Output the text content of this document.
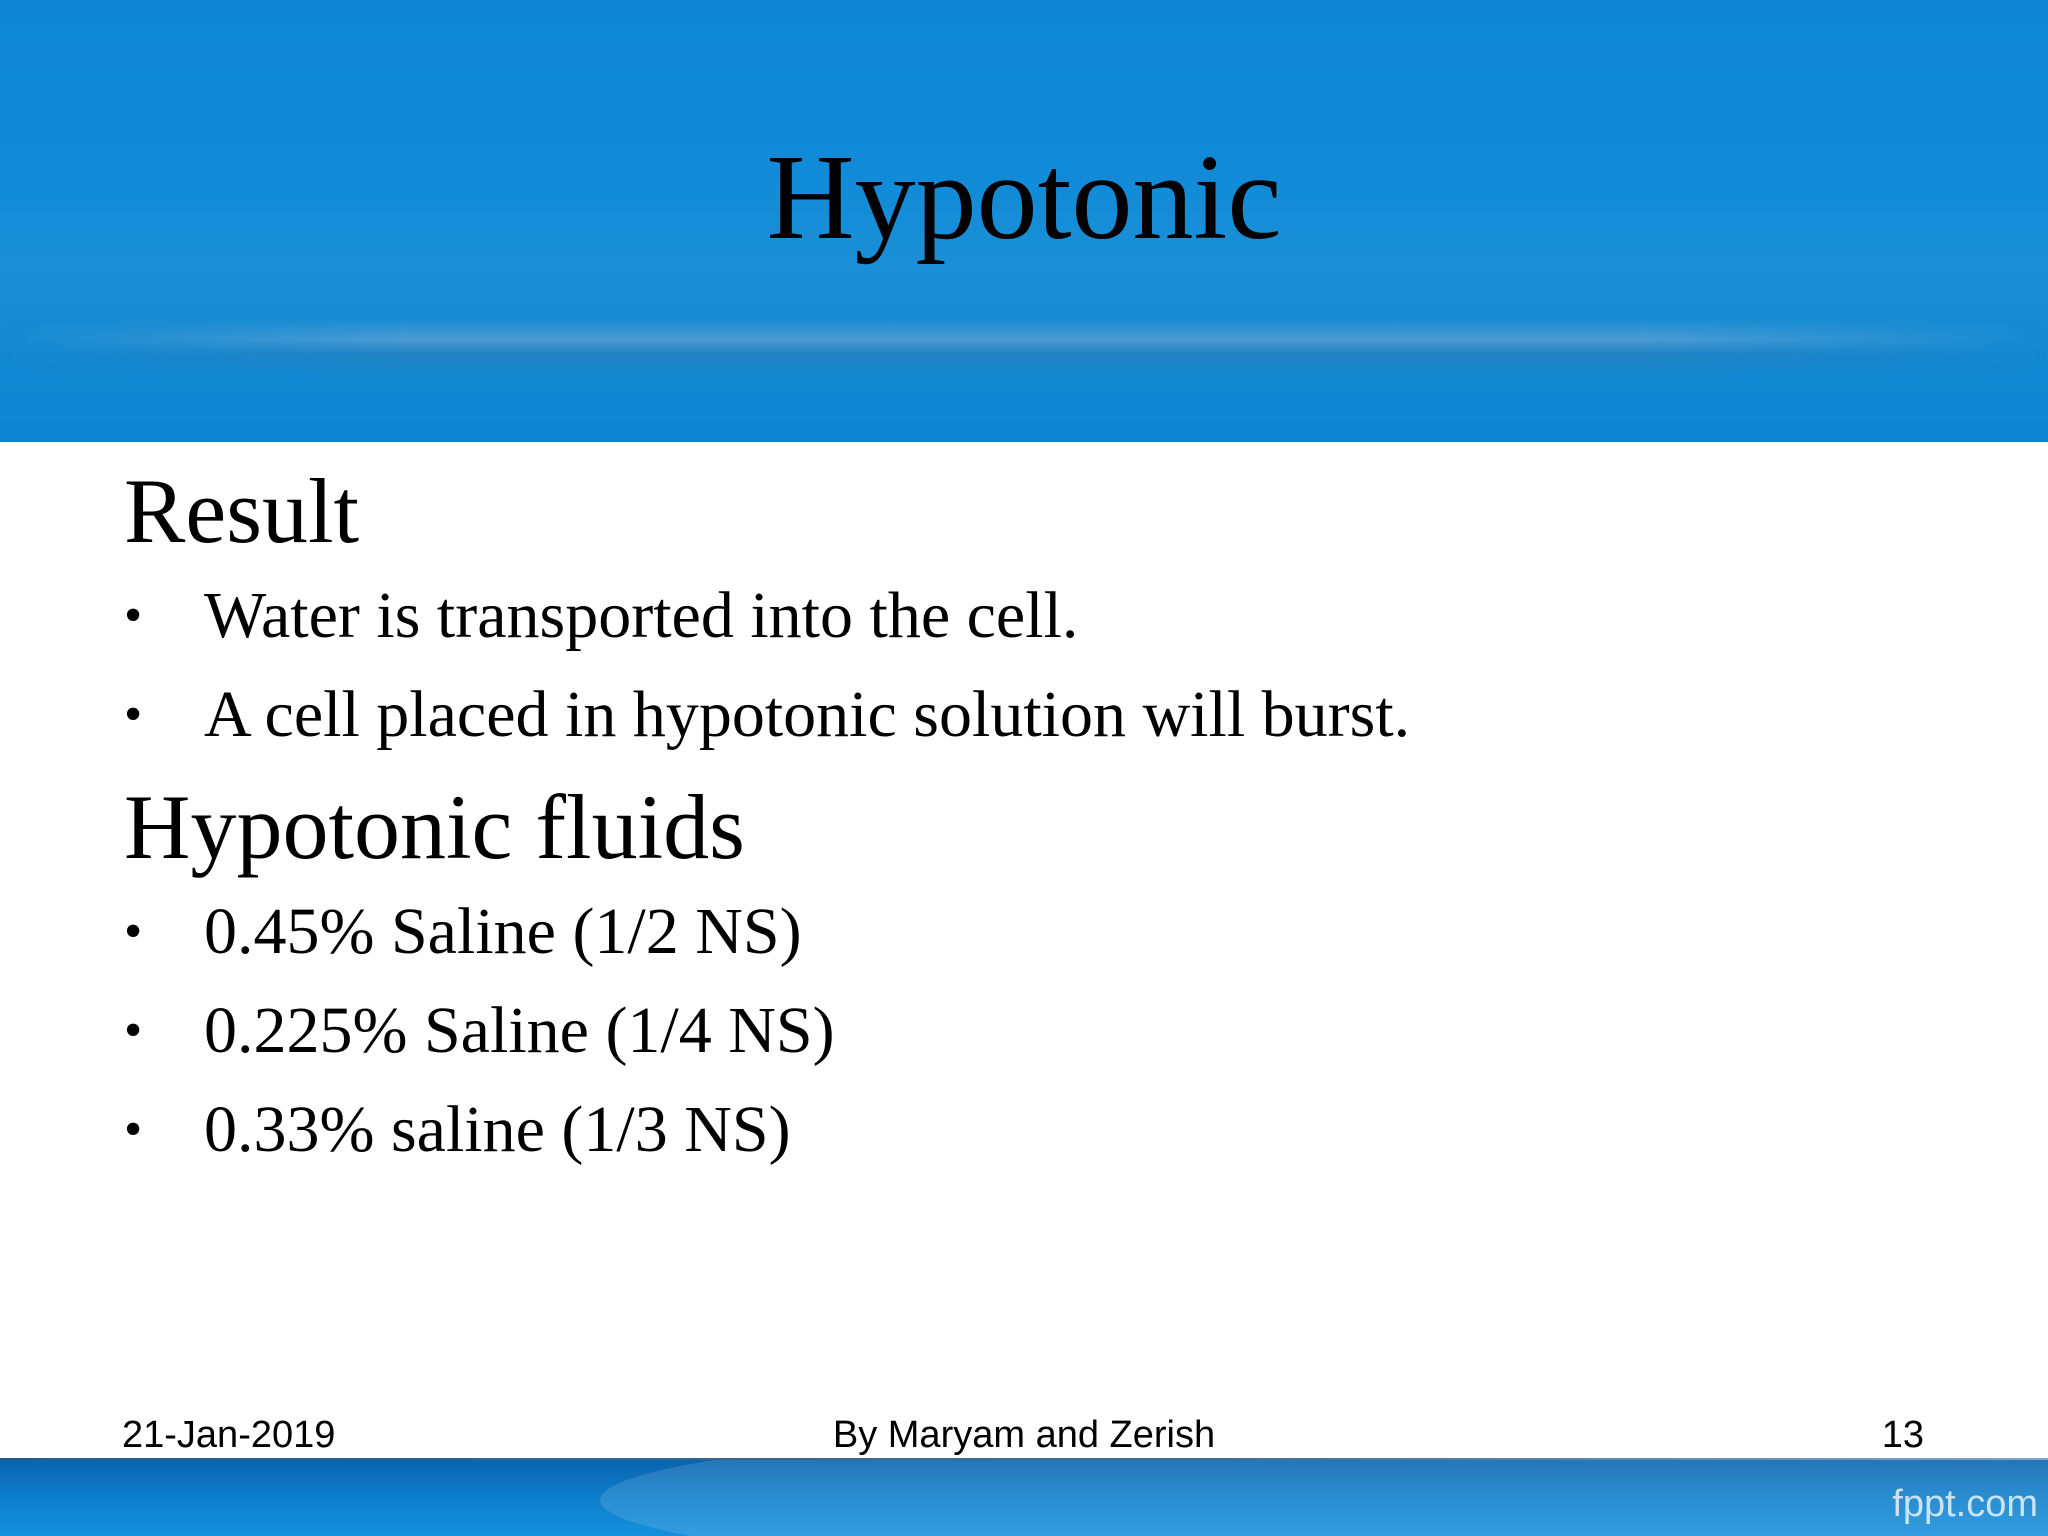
Hypotonic
Result
• Water is transported into the cell.
• A cell placed in hypotonic solution will burst.
Hypotonic fluids
• 0.45% Saline (1/2 NS)
• 0.225% Saline (1/4 NS)
• 0.33% saline (1/3 NS)
21-Jan-2019	By Maryam and Zerish	13
fppt.com
